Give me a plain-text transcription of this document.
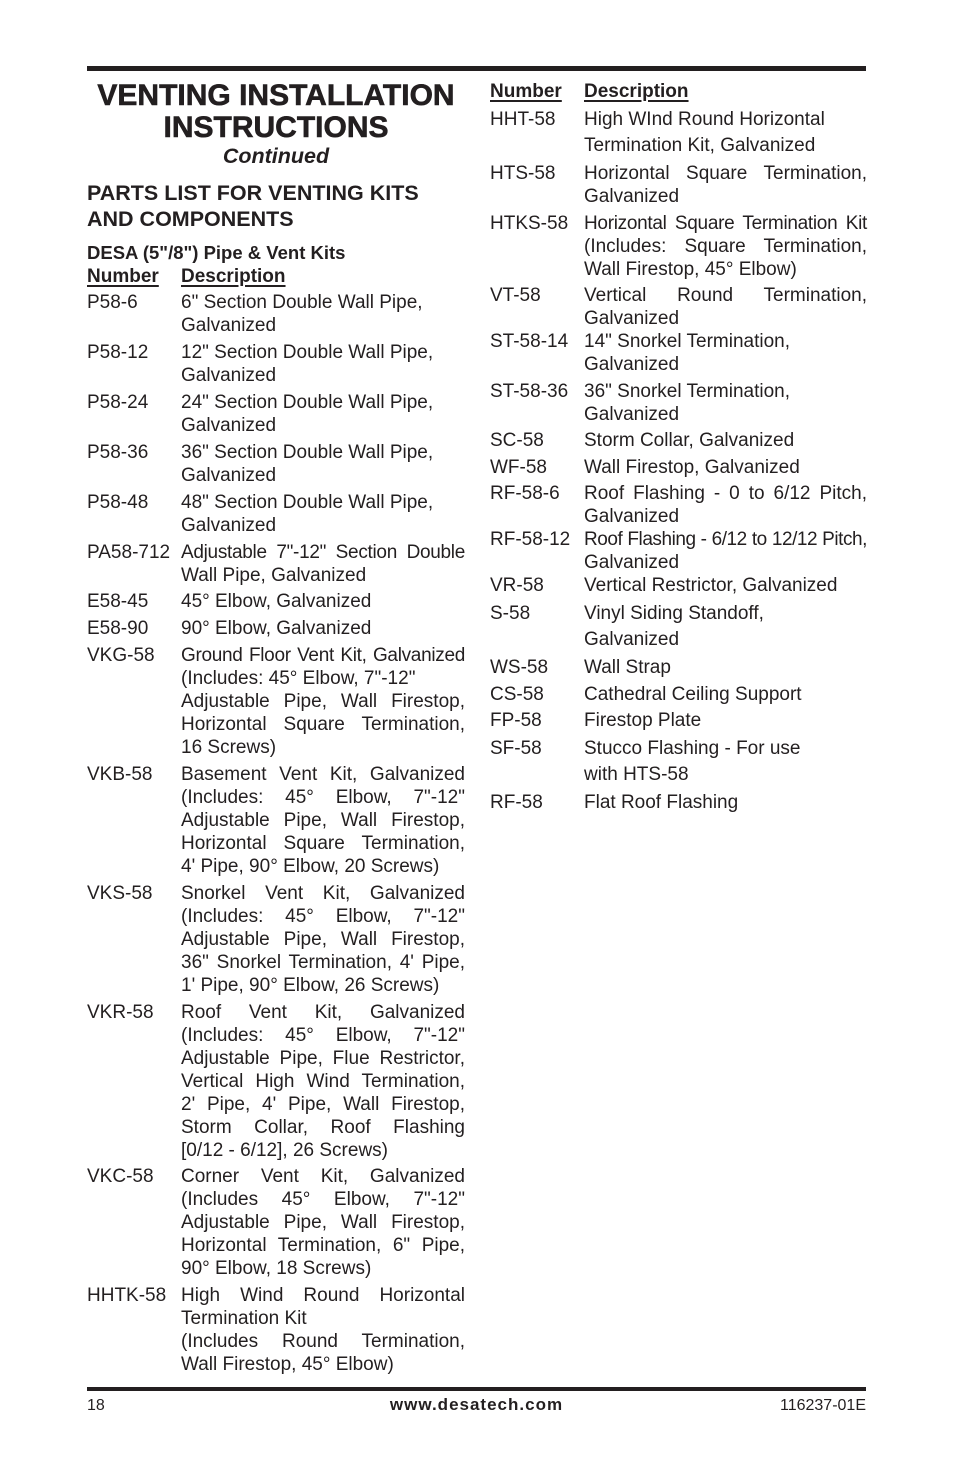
VENTING INSTALLATION
INSTRUCTIONS
Continued
PARTS LIST FOR VENTING KITS
AND COMPONENTS
DESA (5"/8") Pipe & Vent Kits
Number	Description
P58-6	6" Section Double Wall Pipe,
Galvanized
P58-12	12" Section Double Wall Pipe,
Galvanized
P58-24	24" Section Double Wall Pipe,
Galvanized
P58-36	36" Section Double Wall Pipe,
Galvanized
P58-48	48" Section Double Wall Pipe,
Galvanized
PA58-712 Adjustable 7"-12" Section Double
Wall Pipe, Galvanized
E58-45	45° Elbow, Galvanized
E58-90	90° Elbow, Galvanized
VKG-58	Ground Floor Vent Kit, Galvanized
(Includes: 45° Elbow, 7"-12"
Adjustable Pipe, Wall Firestop,
Horizontal Square Termination,
16 Screws)
VKB-58	Basement Vent Kit, Galvanized
(Includes: 45° Elbow, 7"-12"
Adjustable Pipe, Wall Firestop,
Horizontal Square Termination,
4' Pipe, 90° Elbow, 20 Screws)
VKS-58	Snorkel Vent Kit, Galvanized
(Includes: 45° Elbow, 7"-12"
Adjustable Pipe, Wall Firestop,
36" Snorkel Termination, 4' Pipe,
1' Pipe, 90° Elbow, 26 Screws)
VKR-58	Roof Vent Kit, Galvanized
(Includes: 45° Elbow, 7"-12"
Adjustable Pipe, Flue Restrictor,
Vertical High Wind Termination,
2' Pipe, 4' Pipe, Wall Firestop,
Storm Collar, Roof Flashing
[0/12 - 6/12], 26 Screws)
VKC-58	Corner Vent Kit, Galvanized
(Includes 45° Elbow, 7"-12"
Adjustable Pipe, Wall Firestop,
Horizontal Termination, 6" Pipe,
90° Elbow, 18 Screws)
HHTK-58 High Wind Round Horizontal
Termination Kit
(Includes Round Termination,
Wall Firestop, 45° Elbow)
Number	Description
HHT-58	High WInd Round Horizontal
Termination Kit, Galvanized
HTS-58	Horizontal Square Termination,
Galvanized
HTKS-58 Horizontal Square Termination Kit
(Includes: Square Termination,
Wall Firestop, 45° Elbow)
VT-58	Vertical Round Termination,
Galvanized
ST-58-14 14" Snorkel Termination,
Galvanized
ST-58-36 36" Snorkel Termination,
Galvanized
SC-58	Storm Collar, Galvanized
WF-58	Wall Firestop, Galvanized
RF-58-6	Roof Flashing - 0 to 6/12 Pitch,
Galvanized
RF-58-12 Roof Flashing - 6/12 to 12/12 Pitch,
Galvanized
VR-58	Vertical Restrictor, Galvanized
S-58	Vinyl Siding Standoff,
Galvanized
WS-58	Wall Strap
CS-58	Cathedral Ceiling Support
FP-58	Firestop Plate
SF-58	Stucco Flashing - For use
with HTS-58
RF-58	Flat Roof Flashing
18	www.desatech.com	116237-01E
